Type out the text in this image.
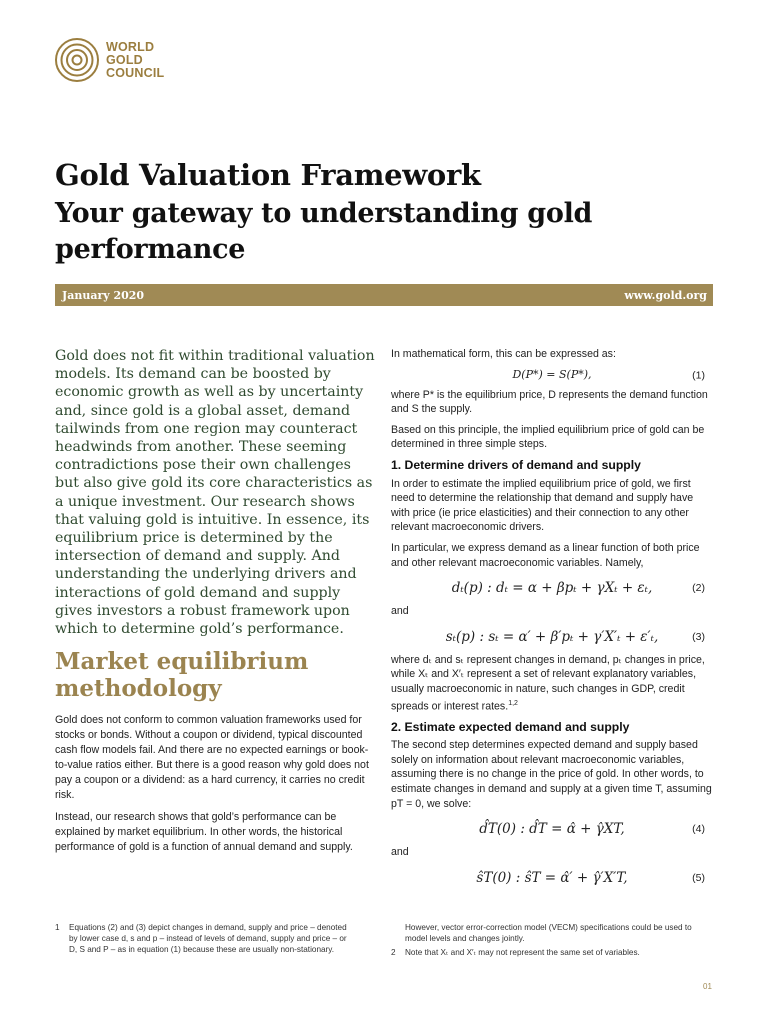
WORLD
GOLD
COUNCIL
Gold Valuation Framework
Your gateway to understanding gold performance
January 2020	www.gold.org

Gold does not fit within traditional valuation models. Its demand can be boosted by economic growth as well as by uncertainty and, since gold is a global asset, demand tailwinds from one region may counteract headwinds from another. These seeming contradictions pose their own challenges but also give gold its core characteristics as a unique investment. Our research shows that valuing gold is intuitive. In essence, its equilibrium price is determined by the intersection of demand and supply. And understanding the underlying drivers and interactions of gold demand and supply gives investors a robust framework upon which to determine gold’s performance.

Market equilibrium methodology

Gold does not conform to common valuation frameworks used for stocks or bonds. Without a coupon or dividend, typical discounted cash flow models fail. And there are no expected earnings or book-to-value ratios either. But there is a good reason why gold does not pay a coupon or a dividend: as a hard currency, it carries no credit risk.

Instead, our research shows that gold’s performance can be explained by market equilibrium. In other words, the historical performance of gold is a function of annual demand and supply.

In mathematical form, this can be expressed as:

D(P*) = S(P*),	(1)

where P* is the equilibrium price, D represents the demand function and S the supply.

Based on this principle, the implied equilibrium price of gold can be determined in three simple steps.

1. Determine drivers of demand and supply

In order to estimate the implied equilibrium price of gold, we first need to determine the relationship that demand and supply have with price (ie price elasticities) and their connection to any other relevant macroeconomic drivers.

In particular, we express demand as a linear function of both price and other relevant macroeconomic variables. Namely,

dₜ(p) : dₜ = α + βpₜ + γXₜ + εₜ,	(2)

and

sₜ(p) : sₜ = α′ + β′pₜ + γ′X′ₜ + ε′ₜ,	(3)

where dₜ and sₜ represent changes in demand, pₜ changes in price, while Xₜ and X′ₜ represent a set of relevant explanatory variables, usually macroeconomic in nature, such changes in GDP, credit spreads or interest rates.$^{1,2}$

2. Estimate expected demand and supply

The second step determines expected demand and supply based solely on information about relevant macroeconomic variables, assuming there is no change in the price of gold. In other words, to estimate changes in demand and supply at a given time T, assuming pT = 0, we solve:

d̂T(0) : d̂T = α̂ + γ̂XT,	(4)

and

ŝT(0) : ŝT = α̂′ + γ̂′X′T,	(5)
1	Equations (2) and (3) depict changes in demand, supply and price – denoted by lower case d, s and p – instead of levels of demand, supply and price – or D, S and P – as in equation (1) because these are usually non-stationary.
However, vector error-correction model (VECM) specifications could be used to model levels and changes jointly.
2	Note that Xₜ and X′ₜ may not represent the same set of variables.
01
